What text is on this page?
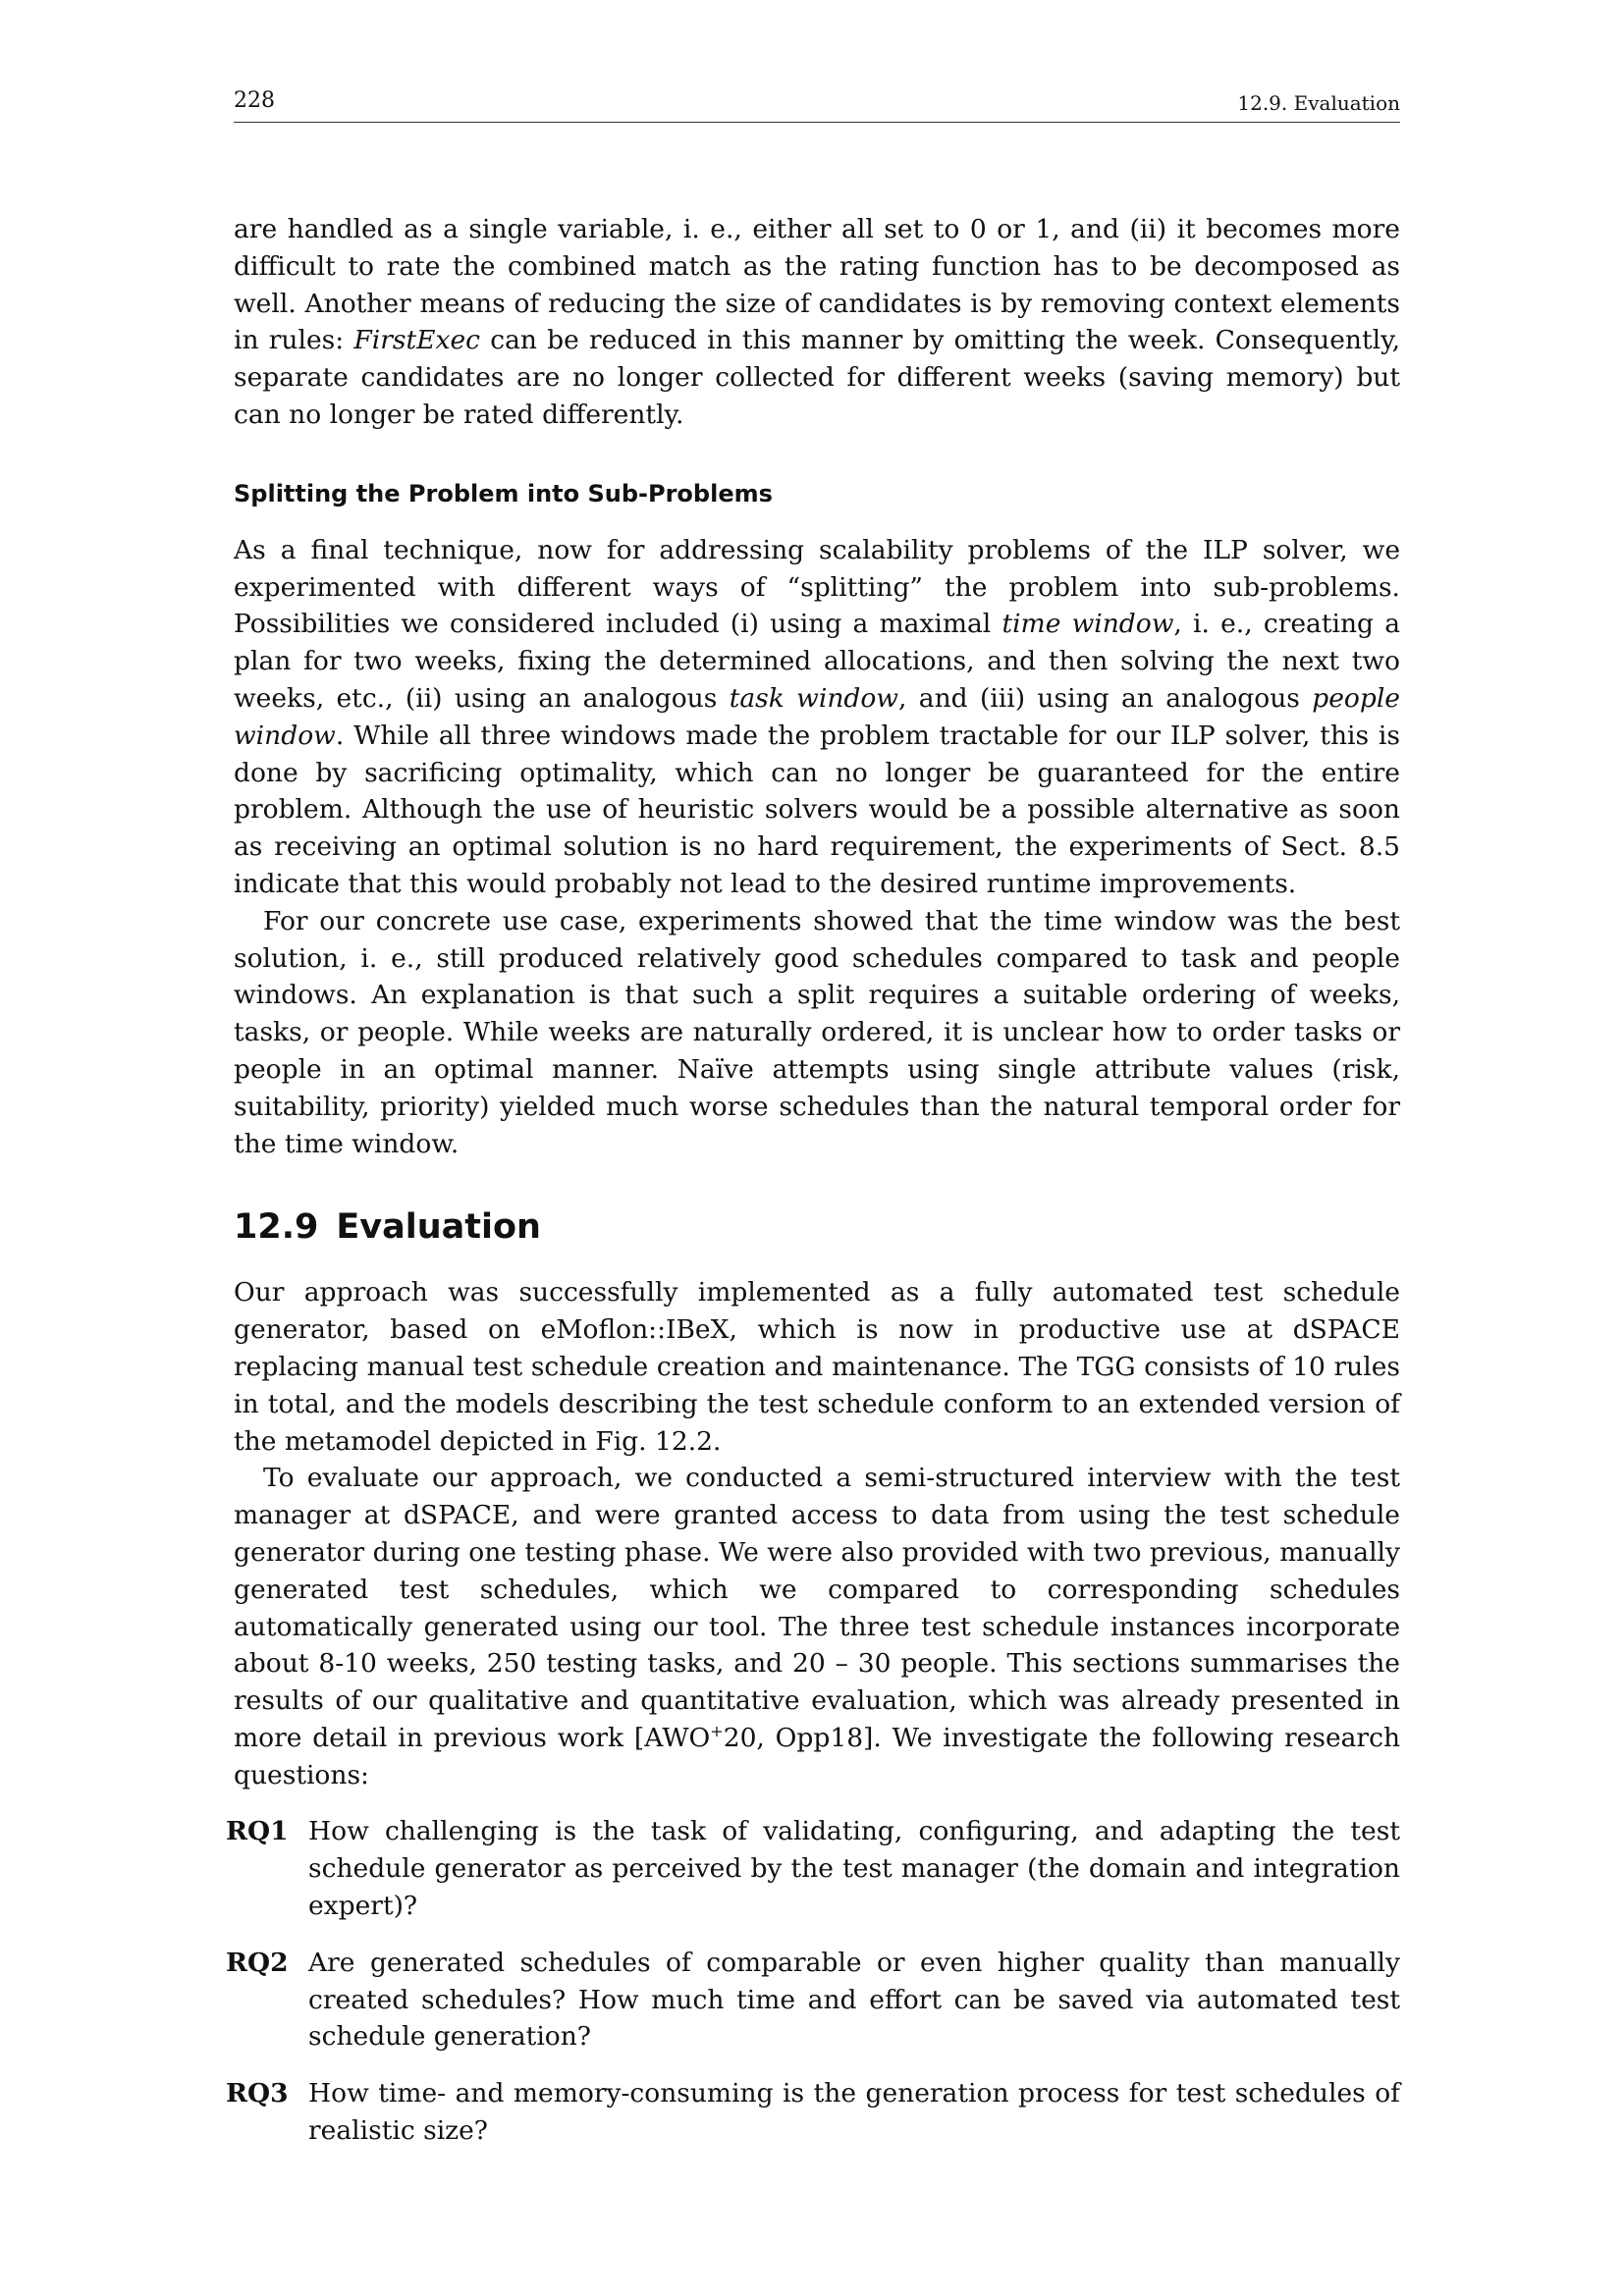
228	12.9. Evaluation

are handled as a single variable, i. e., either all set to 0 or 1, and (ii) it becomes more difficult to rate the combined match as the rating function has to be decomposed as well. Another means of reducing the size of candidates is by removing context elements in rules: FirstExec can be reduced in this manner by omitting the week. Consequently, separate candidates are no longer collected for different weeks (saving memory) but can no longer be rated differently.

Splitting the Problem into Sub-Problems

As a final technique, now for addressing scalability problems of the ILP solver, we experimented with different ways of “splitting” the problem into sub-problems. Possibilities we considered included (i) using a maximal time window, i. e., creating a plan for two weeks, fixing the determined allocations, and then solving the next two weeks, etc., (ii) using an analogous task window, and (iii) using an analogous people window. While all three windows made the problem tractable for our ILP solver, this is done by sacrificing optimality, which can no longer be guaranteed for the entire problem. Although the use of heuristic solvers would be a possible alternative as soon as receiving an optimal solution is no hard requirement, the experiments of Sect. 8.5 indicate that this would probably not lead to the desired runtime improvements.

For our concrete use case, experiments showed that the time window was the best solution, i. e., still produced relatively good schedules compared to task and people windows. An explanation is that such a split requires a suitable ordering of weeks, tasks, or people. While weeks are naturally ordered, it is unclear how to order tasks or people in an optimal manner. Naïve attempts using single attribute values (risk, suitability, priority) yielded much worse schedules than the natural temporal order for the time window.

12.9 Evaluation

Our approach was successfully implemented as a fully automated test schedule generator, based on eMoflon::IBeX, which is now in productive use at dSPACE replacing manual test schedule creation and maintenance. The TGG consists of 10 rules in total, and the models describing the test schedule conform to an extended version of the metamodel depicted in Fig. 12.2.

To evaluate our approach, we conducted a semi-structured interview with the test manager at dSPACE, and were granted access to data from using the test schedule generator during one testing phase. We were also provided with two previous, manually generated test schedules, which we compared to corresponding schedules automatically generated using our tool. The three test schedule instances incorporate about 8-10 weeks, 250 testing tasks, and 20 – 30 people. This sections summarises the results of our qualitative and quantitative evaluation, which was already presented in more detail in previous work [AWO+20, Opp18]. We investigate the following research questions:

RQ1 How challenging is the task of validating, configuring, and adapting the test schedule generator as perceived by the test manager (the domain and integration expert)?

RQ2 Are generated schedules of comparable or even higher quality than manually created schedules? How much time and effort can be saved via automated test schedule generation?

RQ3 How time- and memory-consuming is the generation process for test schedules of realistic size?
